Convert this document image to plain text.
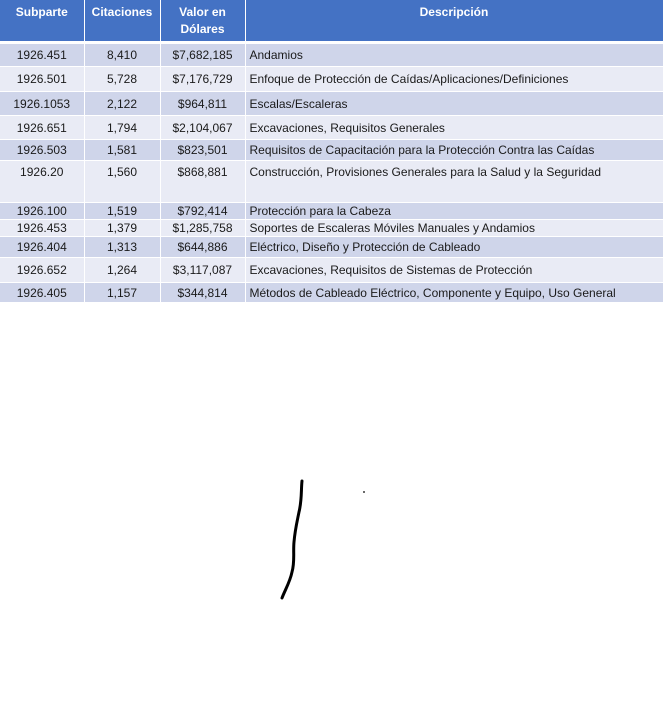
Subparte	Citaciones	Valor en Dólares	Descripción
1926.451	8,410	$7,682,185	Andamios
1926.501	5,728	$7,176,729	Enfoque de Protección de Caídas/Aplicaciones/Definiciones
1926.1053	2,122	$964,811	Escalas/Escaleras
1926.651	1,794	$2,104,067	Excavaciones, Requisitos Generales
1926.503	1,581	$823,501	Requisitos de Capacitación para la Protección Contra las Caídas
1926.20	1,560	$868,881	Construcción, Provisiones Generales para la Salud y la Seguridad
1926.100	1,519	$792,414	Protección para la Cabeza
1926.453	1,379	$1,285,758	Soportes de Escaleras Móviles Manuales y Andamios
1926.404	1,313	$644,886	Eléctrico, Diseño y Protección de Cableado
1926.652	1,264	$3,117,087	Excavaciones, Requisitos de Sistemas de Protección
1926.405	1,157	$344,814	Métodos de Cableado Eléctrico, Componente y Equipo, Uso General
